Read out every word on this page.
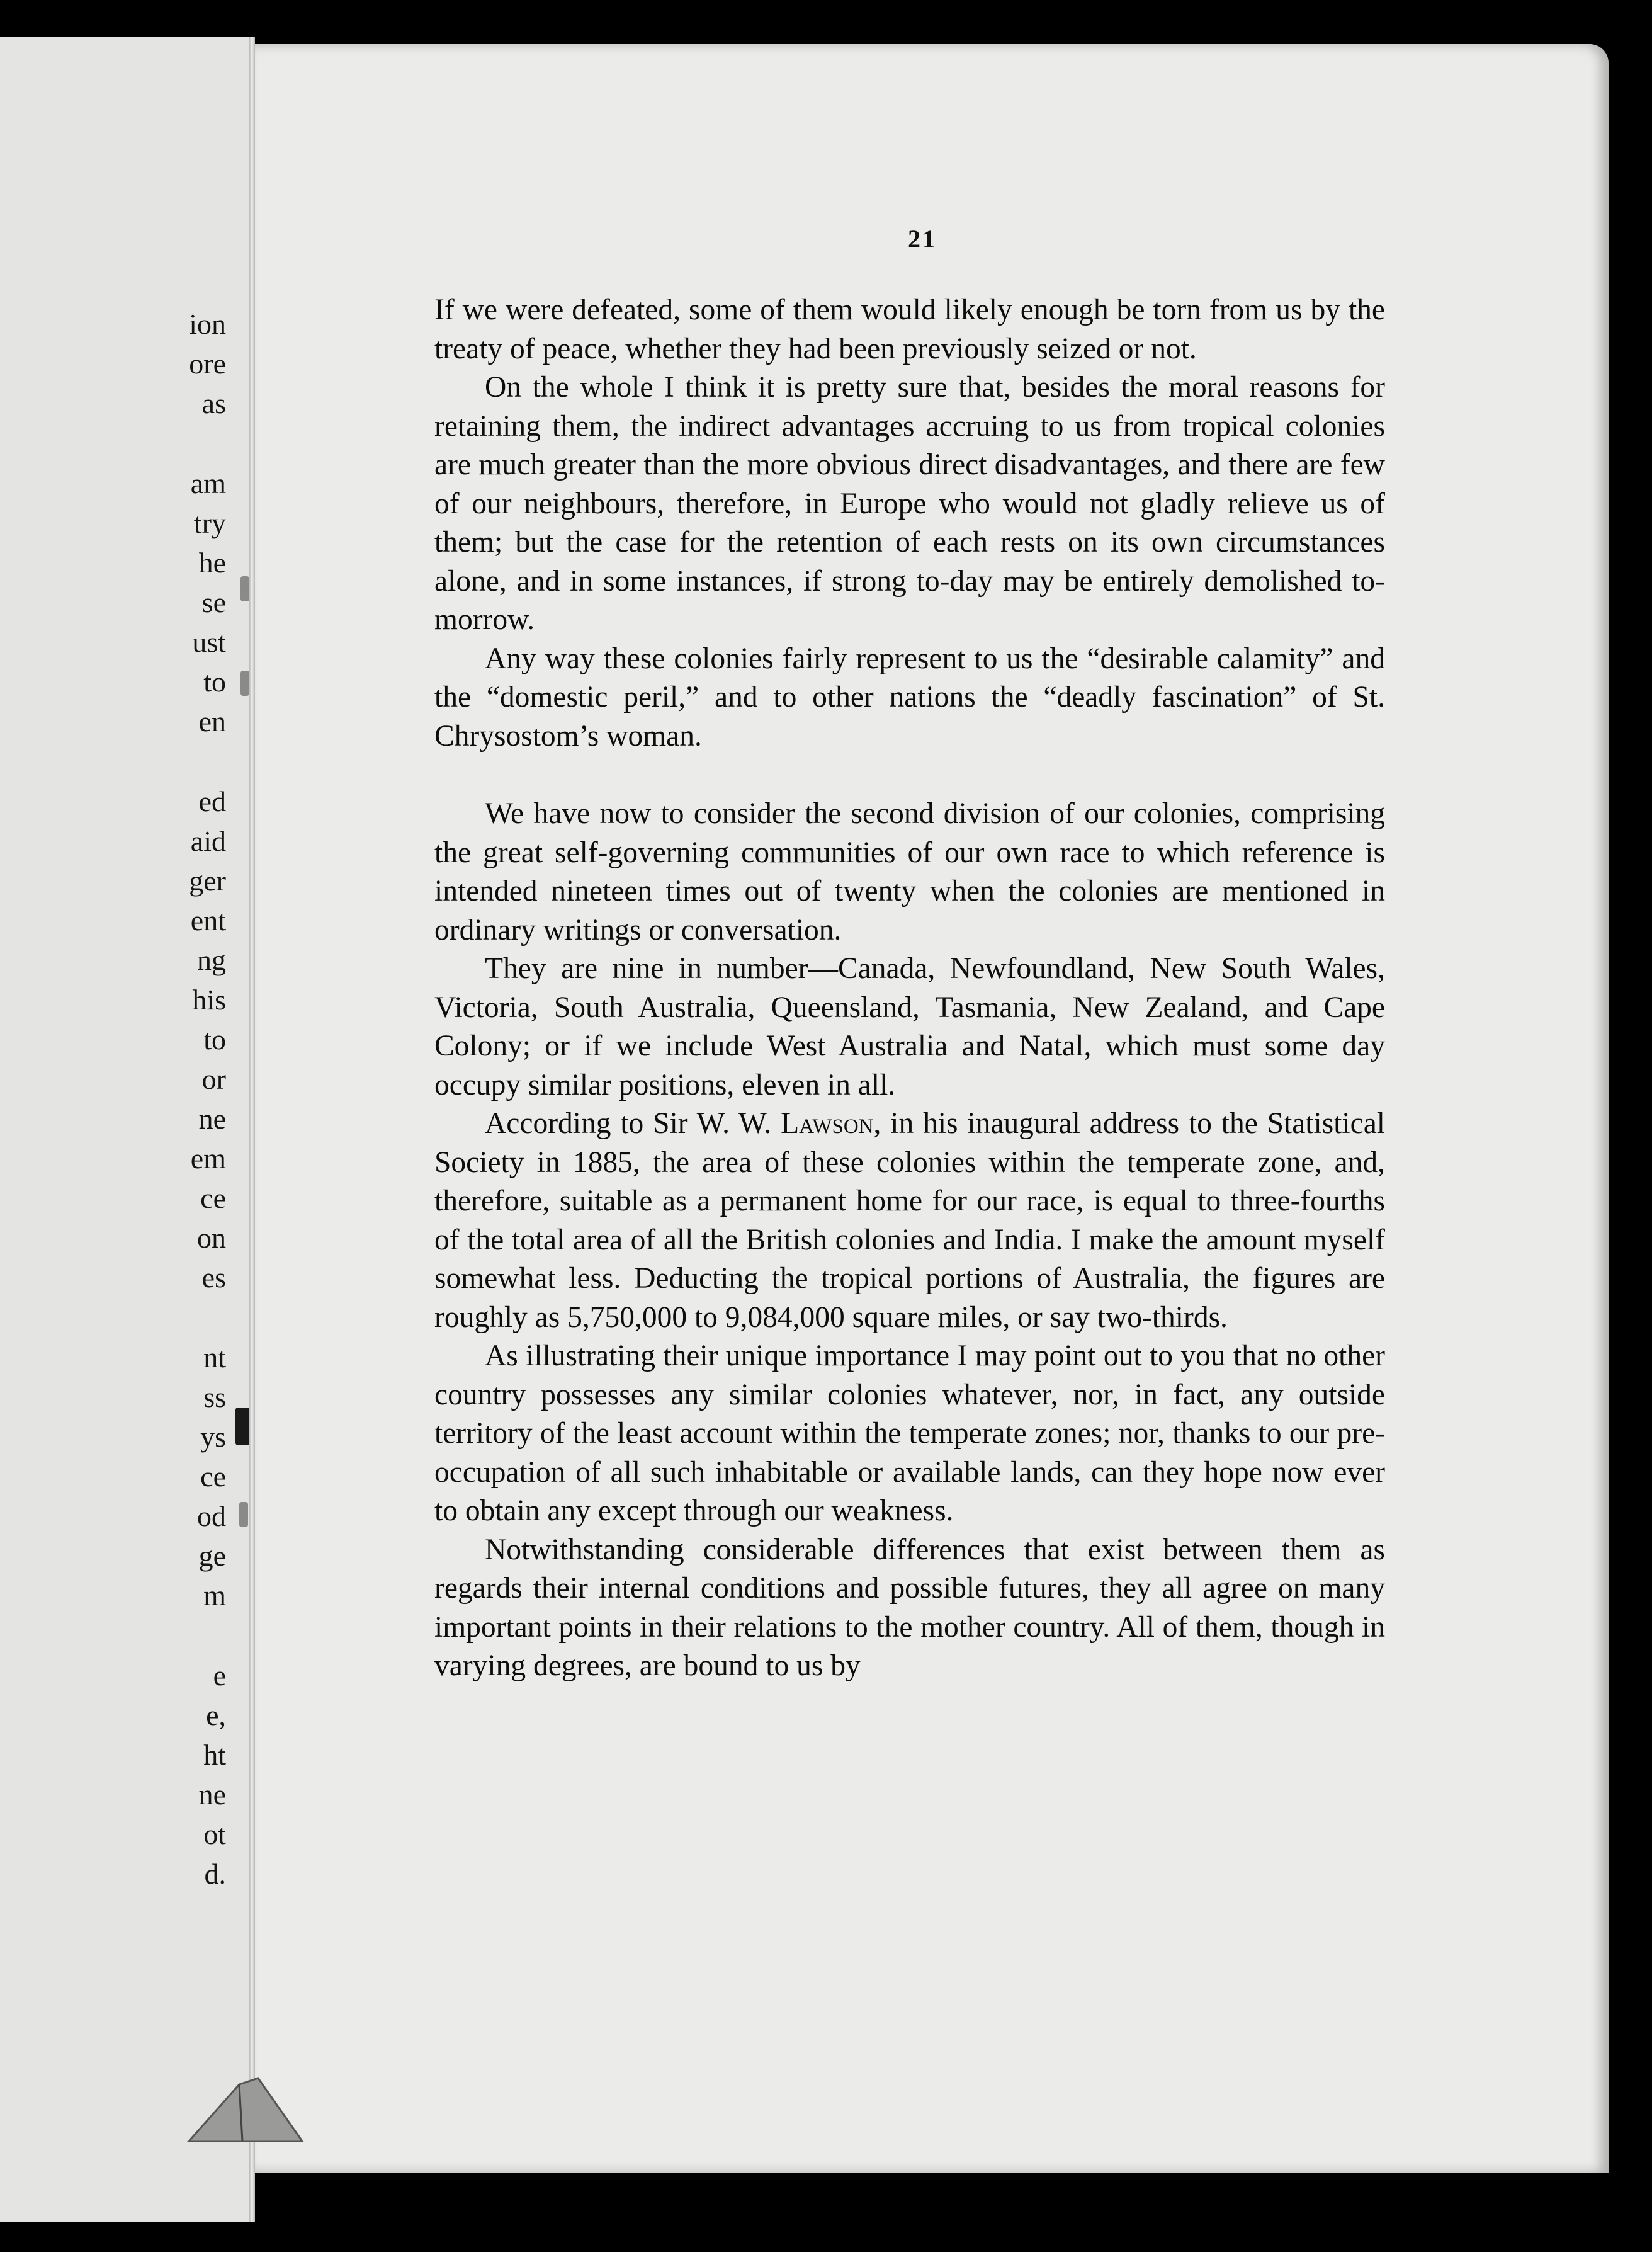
ion
ore
as
am
try
he
se
ust
to
en
ed
aid
ger
ent
ng
his
to
or
ne
em
ce
on
es
nt
ss
ys
ce
od
ge
m
e
e,
ht
ne
ot
d.
21

If we were defeated, some of them would likely enough be torn from us by the treaty of peace, whether they had been previously seized or not.

On the whole I think it is pretty sure that, besides the moral reasons for retaining them, the indirect advantages accruing to us from tropical colonies are much greater than the more obvious direct disadvantages, and there are few of our neighbours, therefore, in Europe who would not gladly relieve us of them; but the case for the retention of each rests on its own circumstances alone, and in some instances, if strong to-day may be entirely demolished to-morrow.

Any way these colonies fairly represent to us the “desirable calamity” and the “domestic peril,” and to other nations the “deadly fascination” of St. Chrysostom’s woman.

We have now to consider the second division of our colonies, comprising the great self-governing communities of our own race to which reference is intended nineteen times out of twenty when the colonies are mentioned in ordinary writings or conversation.

They are nine in number—Canada, Newfoundland, New South Wales, Victoria, South Australia, Queensland, Tasmania, New Zealand, and Cape Colony; or if we include West Australia and Natal, which must some day occupy similar positions, eleven in all.

According to Sir W. W. Lawson, in his inaugural address to the Statistical Society in 1885, the area of these colonies within the temperate zone, and, therefore, suitable as a permanent home for our race, is equal to three-fourths of the total area of all the British colonies and India. I make the amount myself somewhat less. Deducting the tropical portions of Australia, the figures are roughly as 5,750,000 to 9,084,000 square miles, or say two-thirds.

As illustrating their unique importance I may point out to you that no other country possesses any similar colonies whatever, nor, in fact, any outside territory of the least account within the temperate zones; nor, thanks to our pre-occupation of all such inhabitable or available lands, can they hope now ever to obtain any except through our weakness.

Notwithstanding considerable differences that exist between them as regards their internal conditions and possible futures, they all agree on many important points in their relations to the mother country. All of them, though in varying degrees, are bound to us by
